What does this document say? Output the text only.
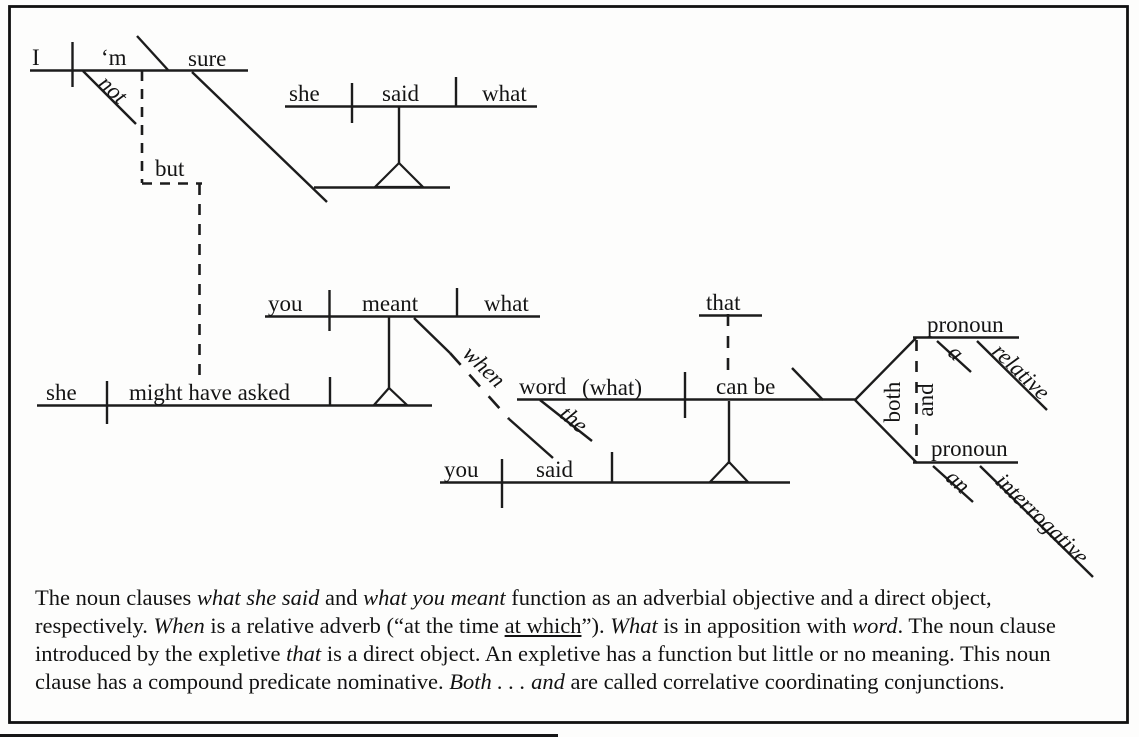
I	‘m	sure
not
but
she	said	what
she might have asked
you	meant	what
when
you	said
word (what)	can be
the
that
both and
pronoun
a relative
pronoun
an interrogative
The noun clauses what she said and what you meant function as an adverbial objective and a direct object,
respectively. When is a relative adverb (“at the time at which”). What is in apposition with word. The noun clause
introduced by the expletive that is a direct object. An expletive has a function but little or no meaning. This noun
clause has a compound predicate nominative. Both . . . and are called correlative coordinating conjunctions.
